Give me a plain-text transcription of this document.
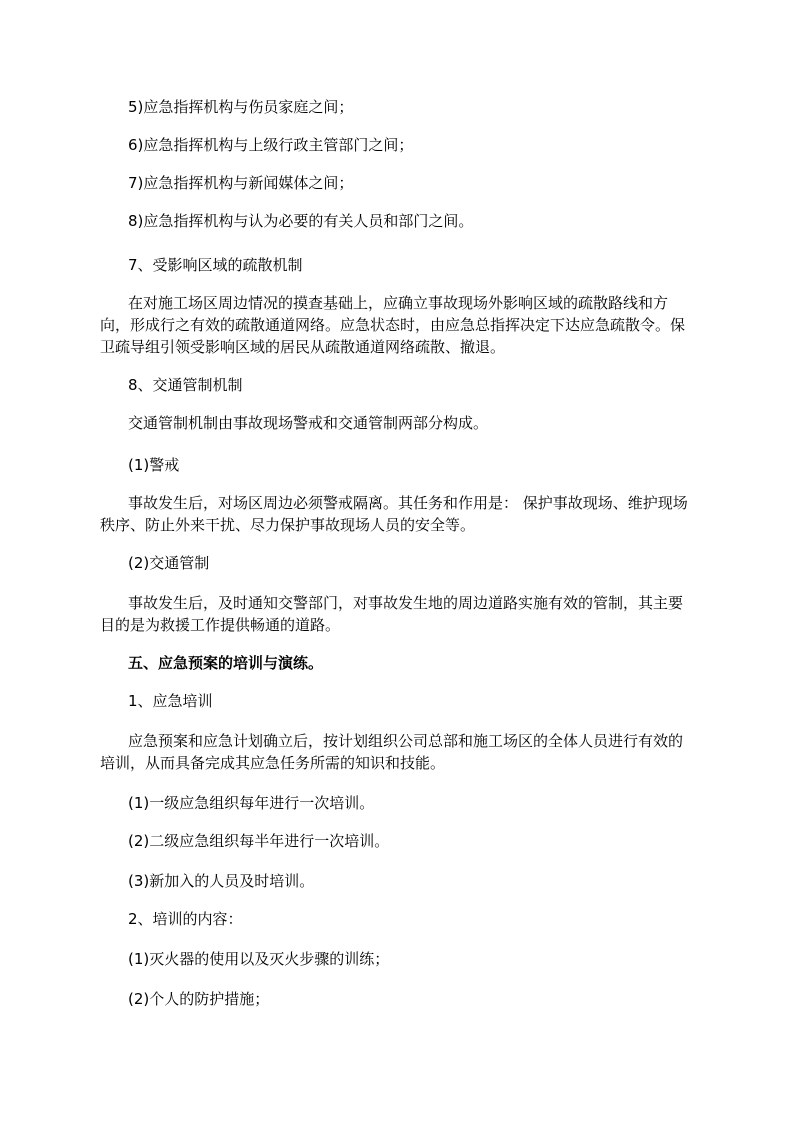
5)应急指挥机构与伤员家庭之间；

6)应急指挥机构与上级行政主管部门之间；

7)应急指挥机构与新闻媒体之间；

8)应急指挥机构与认为必要的有关人员和部门之间。

7、受影响区域的疏散机制

在对施工场区周边情况的摸查基础上，应确立事故现场外影响区域的疏散路线和方向，形成行之有效的疏散通道网络。应急状态时，由应急总指挥决定下达应急疏散令。保卫疏导组引领受影响区域的居民从疏散通道网络疏散、撤退。

8、交通管制机制

交通管制机制由事故现场警戒和交通管制两部分构成。

(1)警戒

事故发生后，对场区周边必须警戒隔离。其任务和作用是： 保护事故现场、维护现场秩序、防止外来干扰、尽力保护事故现场人员的安全等。

(2)交通管制

事故发生后，及时通知交警部门，对事故发生地的周边道路实施有效的管制，其主要目的是为救援工作提供畅通的道路。

五、应急预案的培训与演练。

1、应急培训

应急预案和应急计划确立后，按计划组织公司总部和施工场区的全体人员进行有效的培训，从而具备完成其应急任务所需的知识和技能。

(1)一级应急组织每年进行一次培训。

(2)二级应急组织每半年进行一次培训。

(3)新加入的人员及时培训。

2、培训的内容：

(1)灭火器的使用以及灭火步骤的训练；

(2)个人的防护措施；
